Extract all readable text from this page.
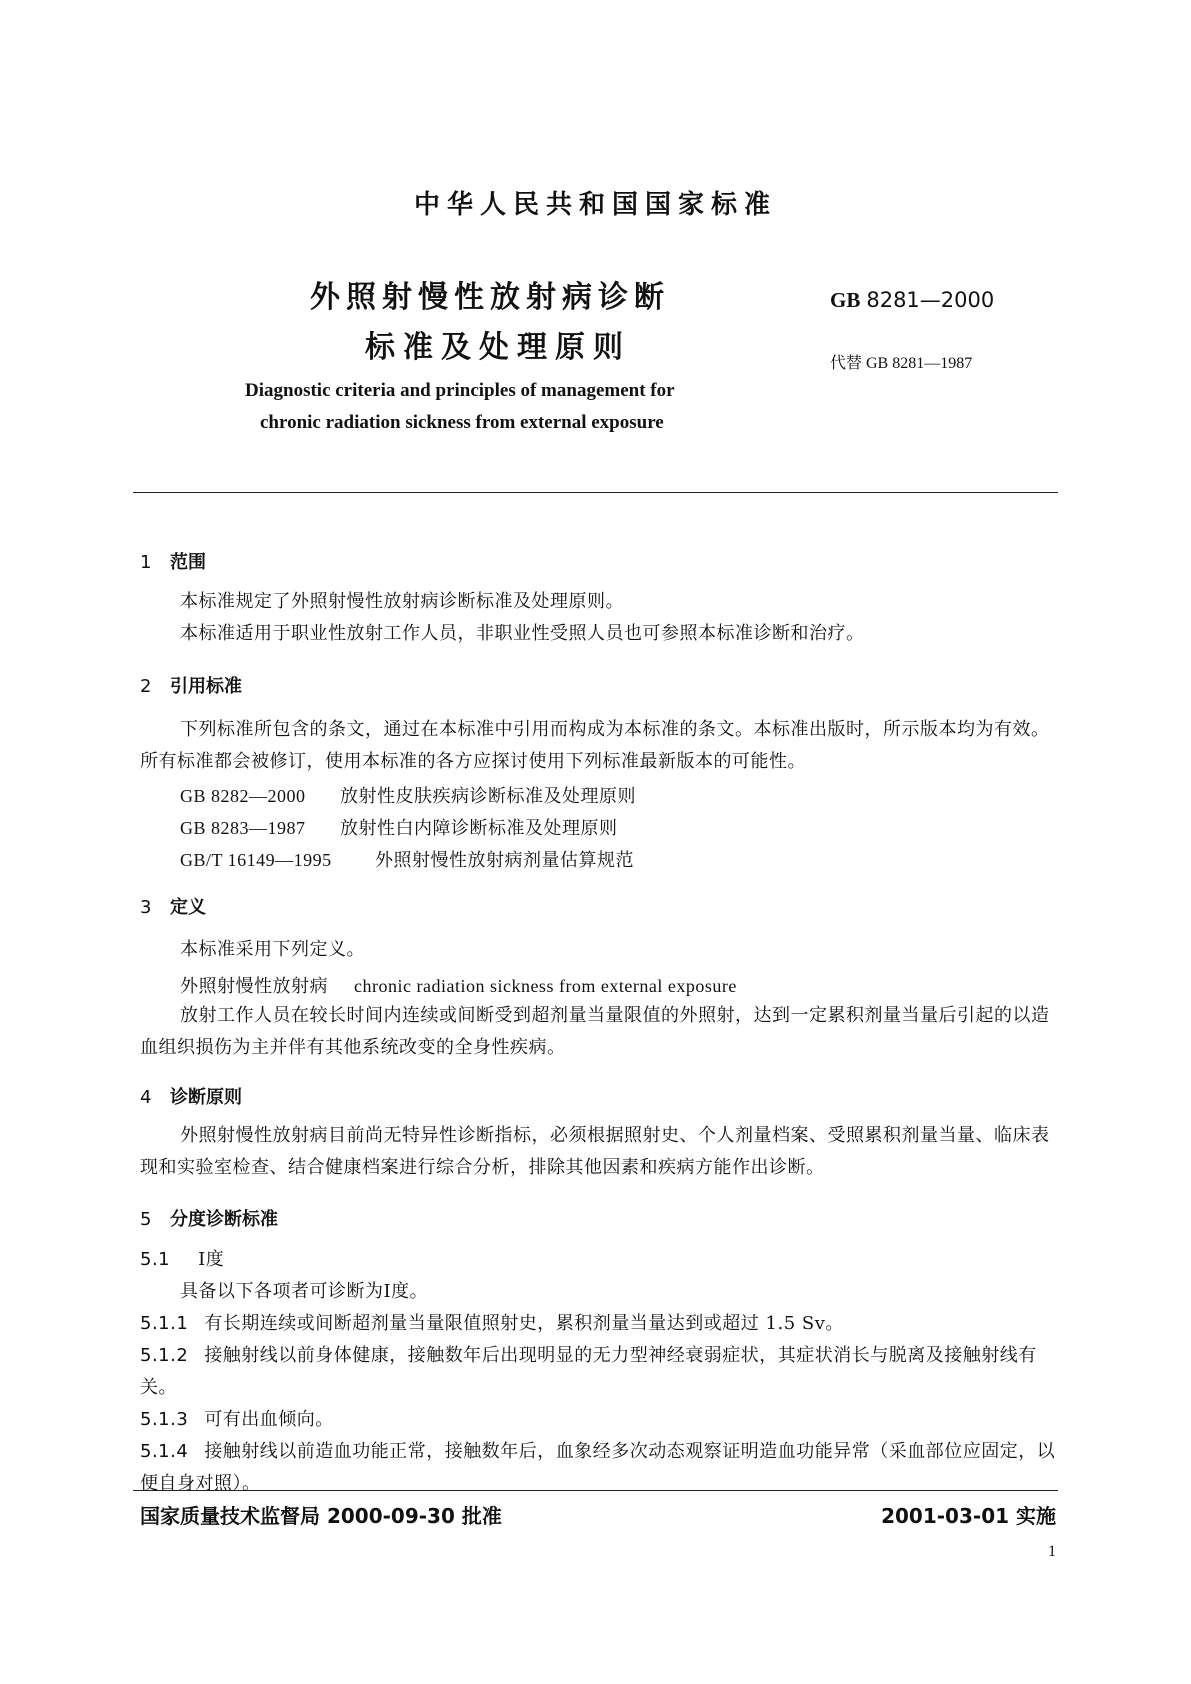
中华人民共和国国家标准
外照射慢性放射病诊断
标准及处理原则
GB 8281—2000
代替 GB 8281—1987
Diagnostic criteria and principles of management for
chronic radiation sickness from external exposure
1 范围
本标准规定了外照射慢性放射病诊断标准及处理原则。
本标准适用于职业性放射工作人员，非职业性受照人员也可参照本标准诊断和治疗。
2 引用标准
下列标准所包含的条文，通过在本标准中引用而构成为本标准的条文。本标准出版时，所示版本均为有效。所有标准都会被修订，使用本标准的各方应探讨使用下列标准最新版本的可能性。
GB 8282—2000 放射性皮肤疾病诊断标准及处理原则
GB 8283—1987 放射性白内障诊断标准及处理原则
GB/T 16149—1995 外照射慢性放射病剂量估算规范
3 定义
本标准采用下列定义。
外照射慢性放射病 chronic radiation sickness from external exposure
放射工作人员在较长时间内连续或间断受到超剂量当量限值的外照射，达到一定累积剂量当量后引起的以造血组织损伤为主并伴有其他系统改变的全身性疾病。
4 诊断原则
外照射慢性放射病目前尚无特异性诊断指标，必须根据照射史、个人剂量档案、受照累积剂量当量、临床表现和实验室检查、结合健康档案进行综合分析，排除其他因素和疾病方能作出诊断。
5 分度诊断标准
5.1 Ⅰ度
具备以下各项者可诊断为Ⅰ度。
5.1.1 有长期连续或间断超剂量当量限值照射史，累积剂量当量达到或超过 1.5 Sv。
5.1.2 接触射线以前身体健康，接触数年后出现明显的无力型神经衰弱症状，其症状消长与脱离及接触射线有关。
5.1.3 可有出血倾向。
5.1.4 接触射线以前造血功能正常，接触数年后，血象经多次动态观察证明造血功能异常（采血部位应固定，以便自身对照）。
国家质量技术监督局 2000-09-30 批准	2001-03-01 实施
1
